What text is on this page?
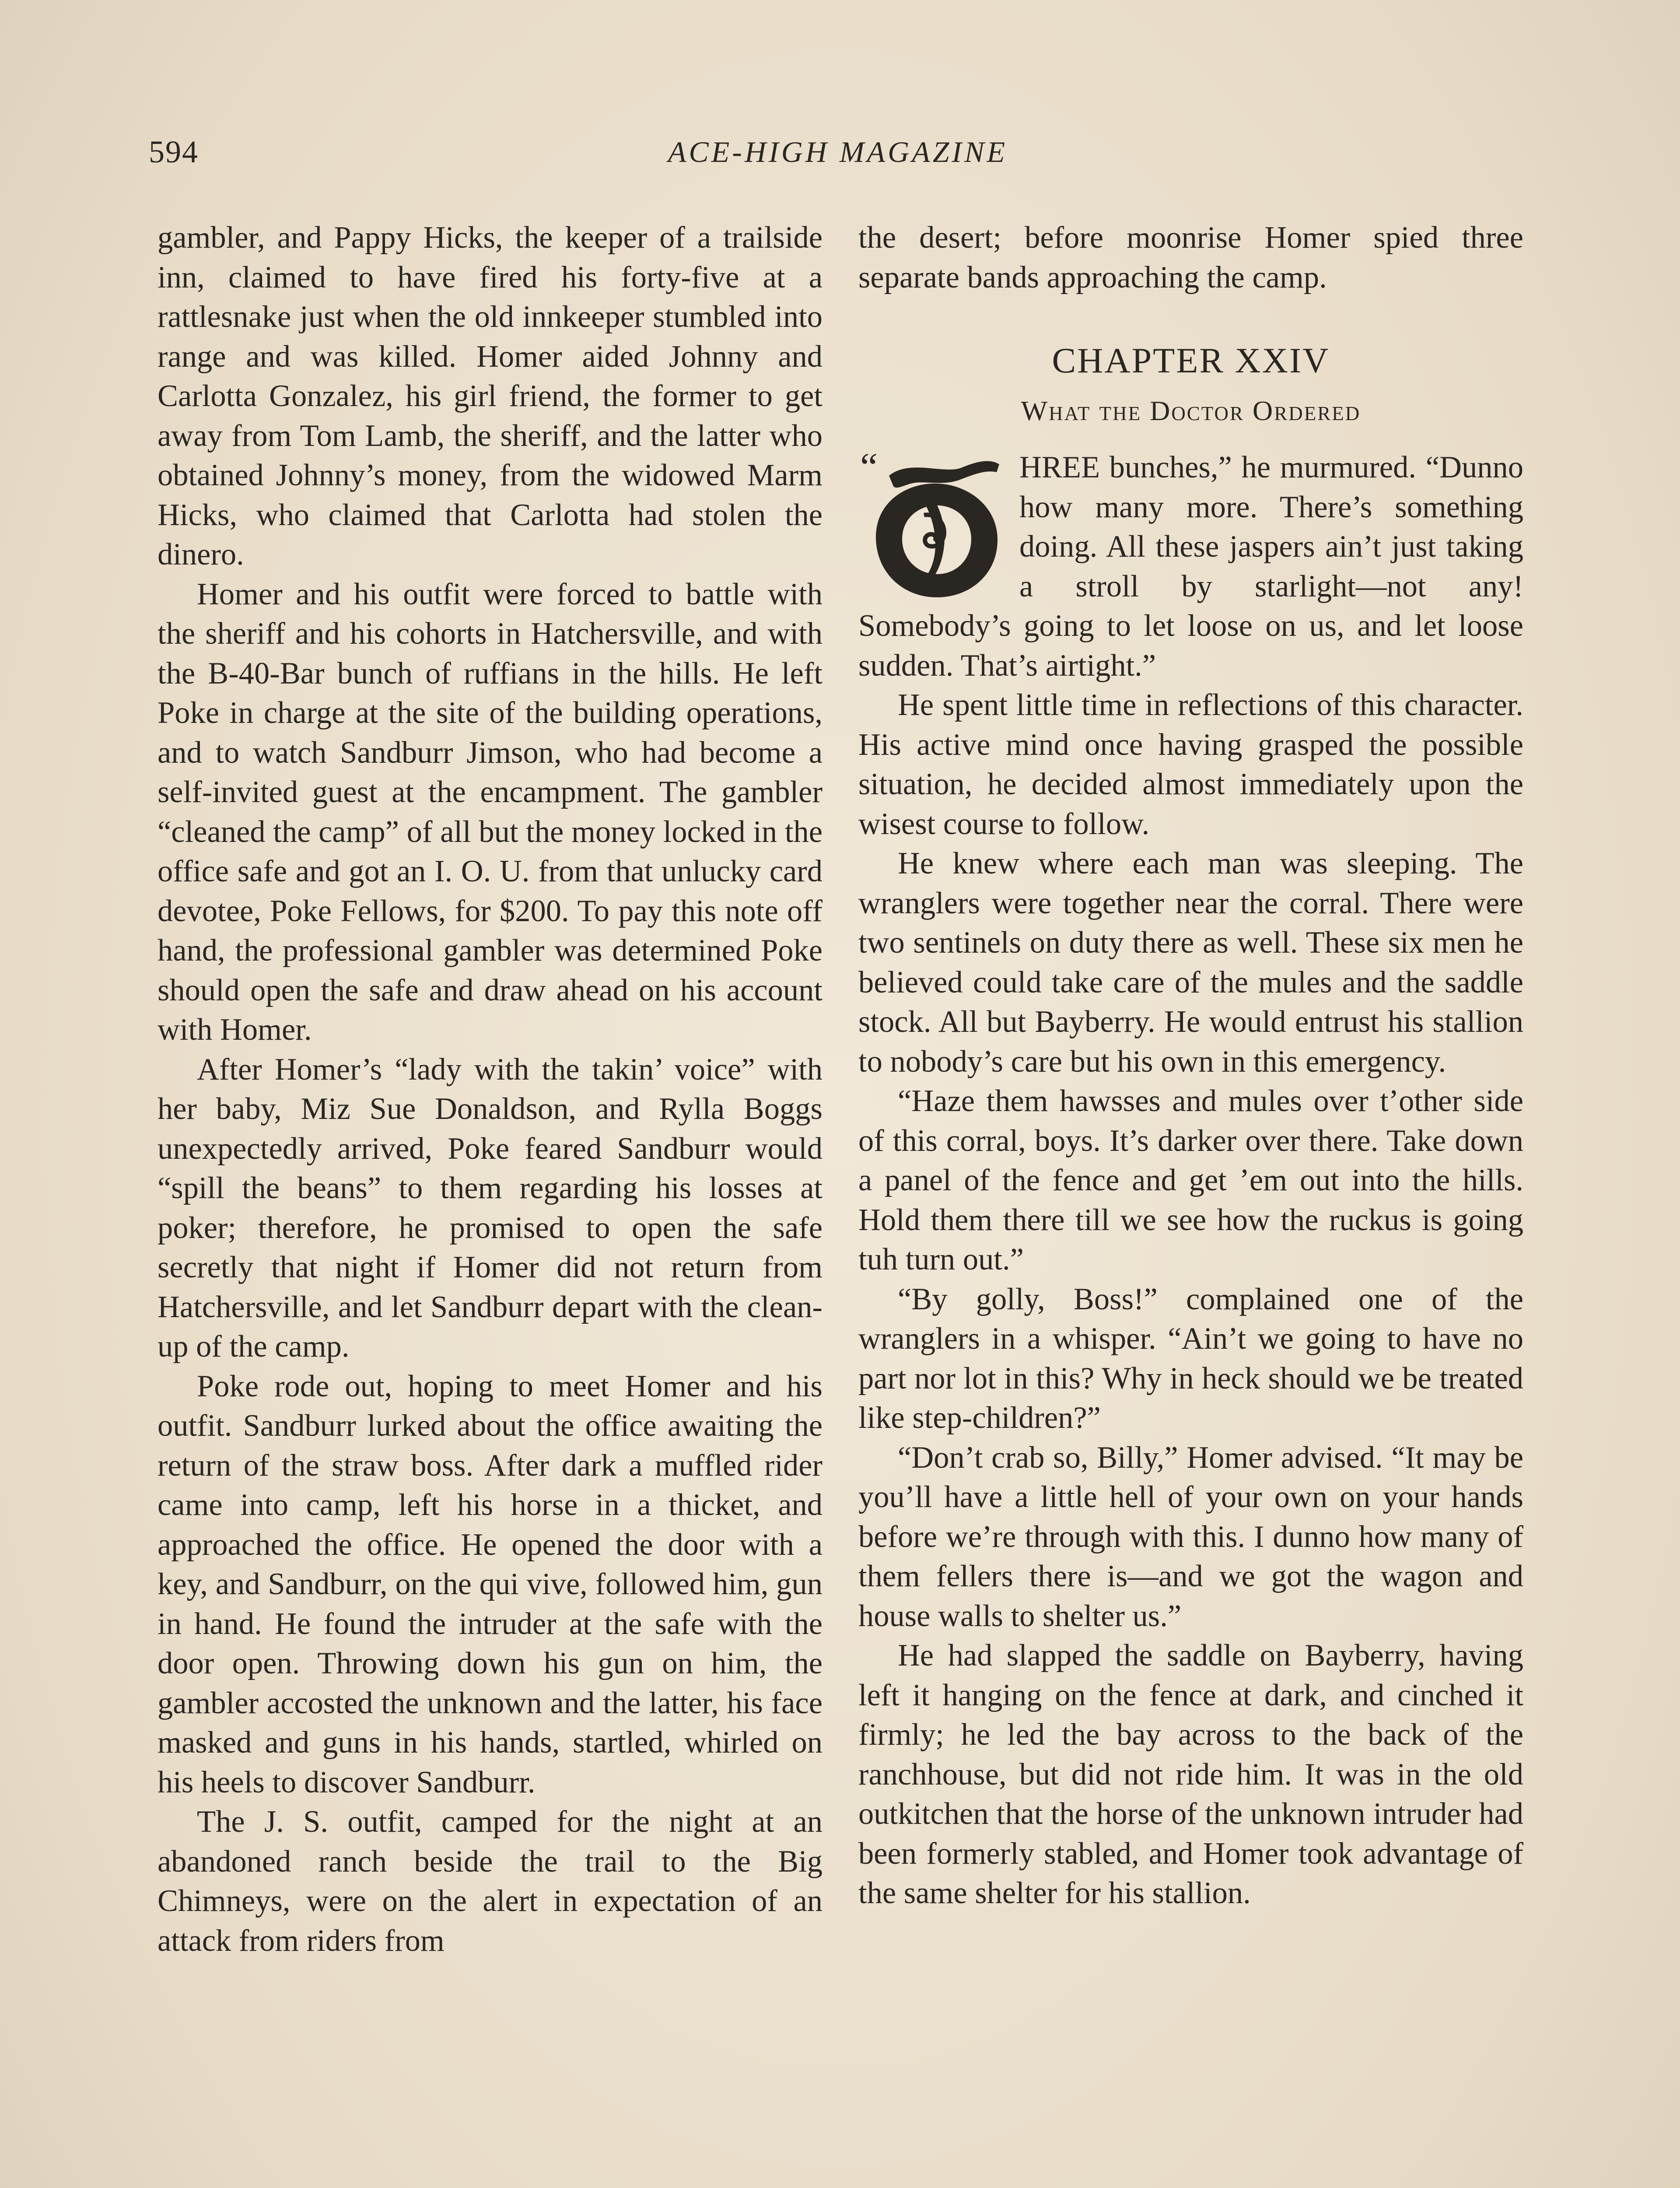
594	ACE-HIGH MAGAZINE

gambler, and Pappy Hicks, the keeper of a trailside inn, claimed to have fired his forty-five at a rattlesnake just when the old innkeeper stumbled into range and was killed. Homer aided Johnny and Carlotta Gonzalez, his girl friend, the former to get away from Tom Lamb, the sheriff, and the latter who obtained Johnny’s money, from the widowed Marm Hicks, who claimed that Carlotta had stolen the dinero.

Homer and his outfit were forced to battle with the sheriff and his cohorts in Hatchersville, and with the B-40-Bar bunch of ruffians in the hills. He left Poke in charge at the site of the building operations, and to watch Sandburr Jimson, who had become a self-invited guest at the encampment. The gambler “cleaned the camp” of all but the money locked in the office safe and got an I. O. U. from that unlucky card devotee, Poke Fellows, for $200. To pay this note off hand, the professional gambler was determined Poke should open the safe and draw ahead on his account with Homer.

After Homer’s “lady with the takin’ voice” with her baby, Miz Sue Donaldson, and Rylla Boggs unexpectedly arrived, Poke feared Sandburr would “spill the beans” to them regarding his losses at poker; therefore, he promised to open the safe secretly that night if Homer did not return from Hatchersville, and let Sandburr depart with the clean-up of the camp.

Poke rode out, hoping to meet Homer and his outfit. Sandburr lurked about the office awaiting the return of the straw boss. After dark a muffled rider came into camp, left his horse in a thicket, and approached the office. He opened the door with a key, and Sandburr, on the qui vive, followed him, gun in hand. He found the intruder at the safe with the door open. Throwing down his gun on him, the gambler accosted the unknown and the latter, his face masked and guns in his hands, startled, whirled on his heels to discover Sandburr.

The J. S. outfit, camped for the night at an abandoned ranch beside the trail to the Big Chimneys, were on the alert in expectation of an attack from riders from

the desert; before moonrise Homer spied three separate bands approaching the camp.

CHAPTER XXIV
What the Doctor Ordered
“	HREE bunches,” he murmured. “Dunno how many more. There’s something doing. All these jaspers ain’t just taking a stroll by starlight—not any! Somebody’s going to let loose on us, and let loose sudden. That’s airtight.”

He spent little time in reflections of this character. His active mind once having grasped the possible situation, he decided almost immediately upon the wisest course to follow.

He knew where each man was sleeping. The wranglers were together near the corral. There were two sentinels on duty there as well. These six men he believed could take care of the mules and the saddle stock. All but Bayberry. He would entrust his stallion to nobody’s care but his own in this emergency.

“Haze them hawsses and mules over t’other side of this corral, boys. It’s darker over there. Take down a panel of the fence and get ’em out into the hills. Hold them there till we see how the ruckus is going tuh turn out.”

“By golly, Boss!” complained one of the wranglers in a whisper. “Ain’t we going to have no part nor lot in this? Why in heck should we be treated like step-children?”

“Don’t crab so, Billy,” Homer advised. “It may be you’ll have a little hell of your own on your hands before we’re through with this. I dunno how many of them fellers there is—and we got the wagon and house walls to shelter us.”

He had slapped the saddle on Bayberry, having left it hanging on the fence at dark, and cinched it firmly; he led the bay across to the back of the ranchhouse, but did not ride him. It was in the old outkitchen that the horse of the unknown intruder had been formerly stabled, and Homer took advantage of the same shelter for his stallion.
